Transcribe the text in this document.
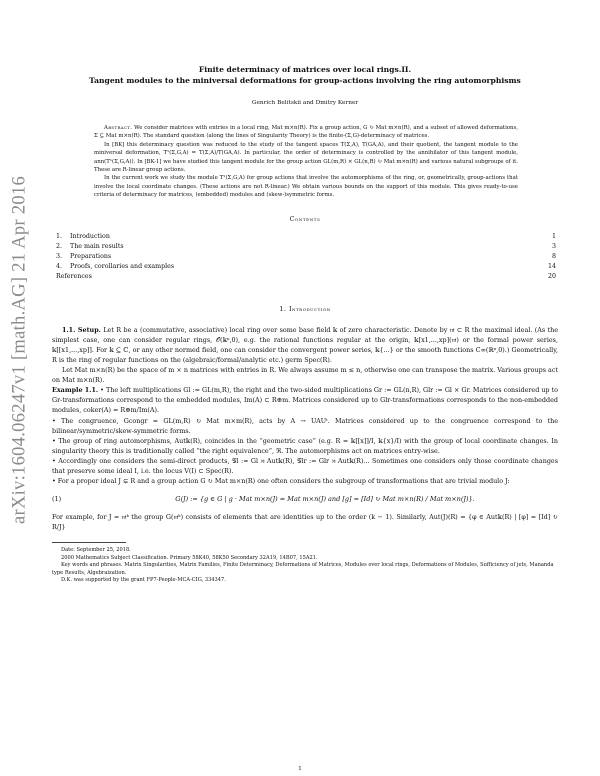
arXiv:1604.06247v1 [math.AG] 21 Apr 2016

Finite determinacy of matrices over local rings.II.

Tangent modules to the miniversal deformations for group-actions involving the ring automorphisms

Genrich Belitskii and Dmitry Kerner

Abstract. We consider matrices with entries in a local ring, Mat m×n(R). Fix a group action, G ↻ Mat m×n(R), and a subset of allowed deformations, Σ ⊆ Mat m×n(R). The standard question (along the lines of Singularity Theory) is the finite-(Σ,G)-determinacy of matrices.

In [BK] this determinacy question was reduced to the study of the tangent spaces T(Σ,A), T(GA,A), and their quotient, the tangent module to the miniversal deformation, T¹(Σ,G,A) = T(Σ,A)/T(GA,A). In particular, the order of determinacy is controlled by the annihilator of this tangent module, ann(T¹(Σ,G,A)). In [BK-1] we have studied this tangent module for the group action GL(m,R) × GL(n,R) ↻ Mat m×n(R) and various natural subgroups of it. These are R-linear group actions.

In the current work we study the module T¹(Σ,G,A) for group actions that involve the automorphisms of the ring, or, geometrically, group-actions that involve the local coordinate changes. (These actions are not R-linear.) We obtain various bounds on the support of this module. This gives ready-to-use criteria of determinacy for matrices, (embedded) modules and (skew-)symmetric forms.

Contents
1.	Introduction	1
2.	The main results	3
3.	Preparations	8
4.	Proofs, corollaries and examples	14
References	20
1. Introduction

1.1. Setup. Let R be a (commutative, associative) local ring over some base field 𝕜 of zero characteristic. Denote by 𝔪 ⊂ R the maximal ideal. (As the simplest case, one can consider regular rings, 𝒪(𝕜ᵖ,0), e.g. the rational functions regular at the origin, 𝕜[x1,...,xp](𝔪) or the formal power series, 𝕜[[x1,...,xp]]. For 𝕜 ⊆ ℂ, or any other normed field, one can consider the convergent power series, 𝕜{...} or the smooth functions C∞(ℝᵖ,0).) Geometrically, R is the ring of regular functions on the (algebraic/formal/analytic etc.) germ Spec(R).

Let Mat m×n(R) be the space of m × n matrices with entries in R. We always assume m ≤ n, otherwise one can transpose the matrix. Various groups act on Mat m×n(R).

Example 1.1. • The left multiplications Gl := GL(m,R), the right and the two-sided multiplications Gr := GL(n,R), Glr := Gl × Gr. Matrices considered up to Gr-transformations correspond to the embedded modules, Im(A) ⊂ R⊕m. Matrices considered up to Glr-transformations corresponds to the non-embedded modules, coker(A) = R⊕m/Im(A).

• The congruence, Gcongr = GL(m,R) ↻ Mat m×m(R), acts by A → UAUᵗ. Matrices considered up to the congruence correspond to the bilinear/symmetric/skew-symmetric forms.

• The group of ring automorphisms, Aut𝕜(R), coincides in the “geometric case” (e.g. R = 𝕜[[x]]/I, 𝕜{x}/I) with the group of local coordinate changes. In singularity theory this is traditionally called “the right equivalence”, ℜ. The automorphisms act on matrices entry-wise.

• Accordingly one considers the semi-direct products, 𝒢l := Gl ⋊ Aut𝕜(R), 𝒢lr := Glr ⋊ Aut𝕜(R)... Sometimes one considers only those coordinate changes that preserve some ideal I, i.e. the locus V(I) ⊂ Spec(R).

• For a proper ideal J ⊊ R and a group action G ↻ Mat m×n(R) one often considers the subgroup of transformations that are trivial modulo J:

(1)	G(J) := {g ∈ G | g · Mat m×n(J) = Mat m×n(J) and [g] = [Id] ↻ Mat m×n(R) / Mat m×n(J)}.

For example, for J = 𝔪ᵏ the group G(𝔪ᵏ) consists of elements that are identities up to the order (k − 1). Similarly, Aut(J)(R) = {φ ∈ Aut𝕜(R) | [φ] = [Id] ↻ R/J}

Date: September 25, 2018.

2000 Mathematics Subject Classification. Primary 58K40, 58K50 Secondary 32A19, 14B07, 15A21.

Key words and phrases. Matrix Singularities, Matrix Families, Finite Determinacy, Deformations of Matrices, Modules over local rings, Deformations of Modules, Sufficiency of jets, Mananda type Results, Algebraization.

D.K. was supported by the grant FP7-People-MCA-CIG, 334347.

1
